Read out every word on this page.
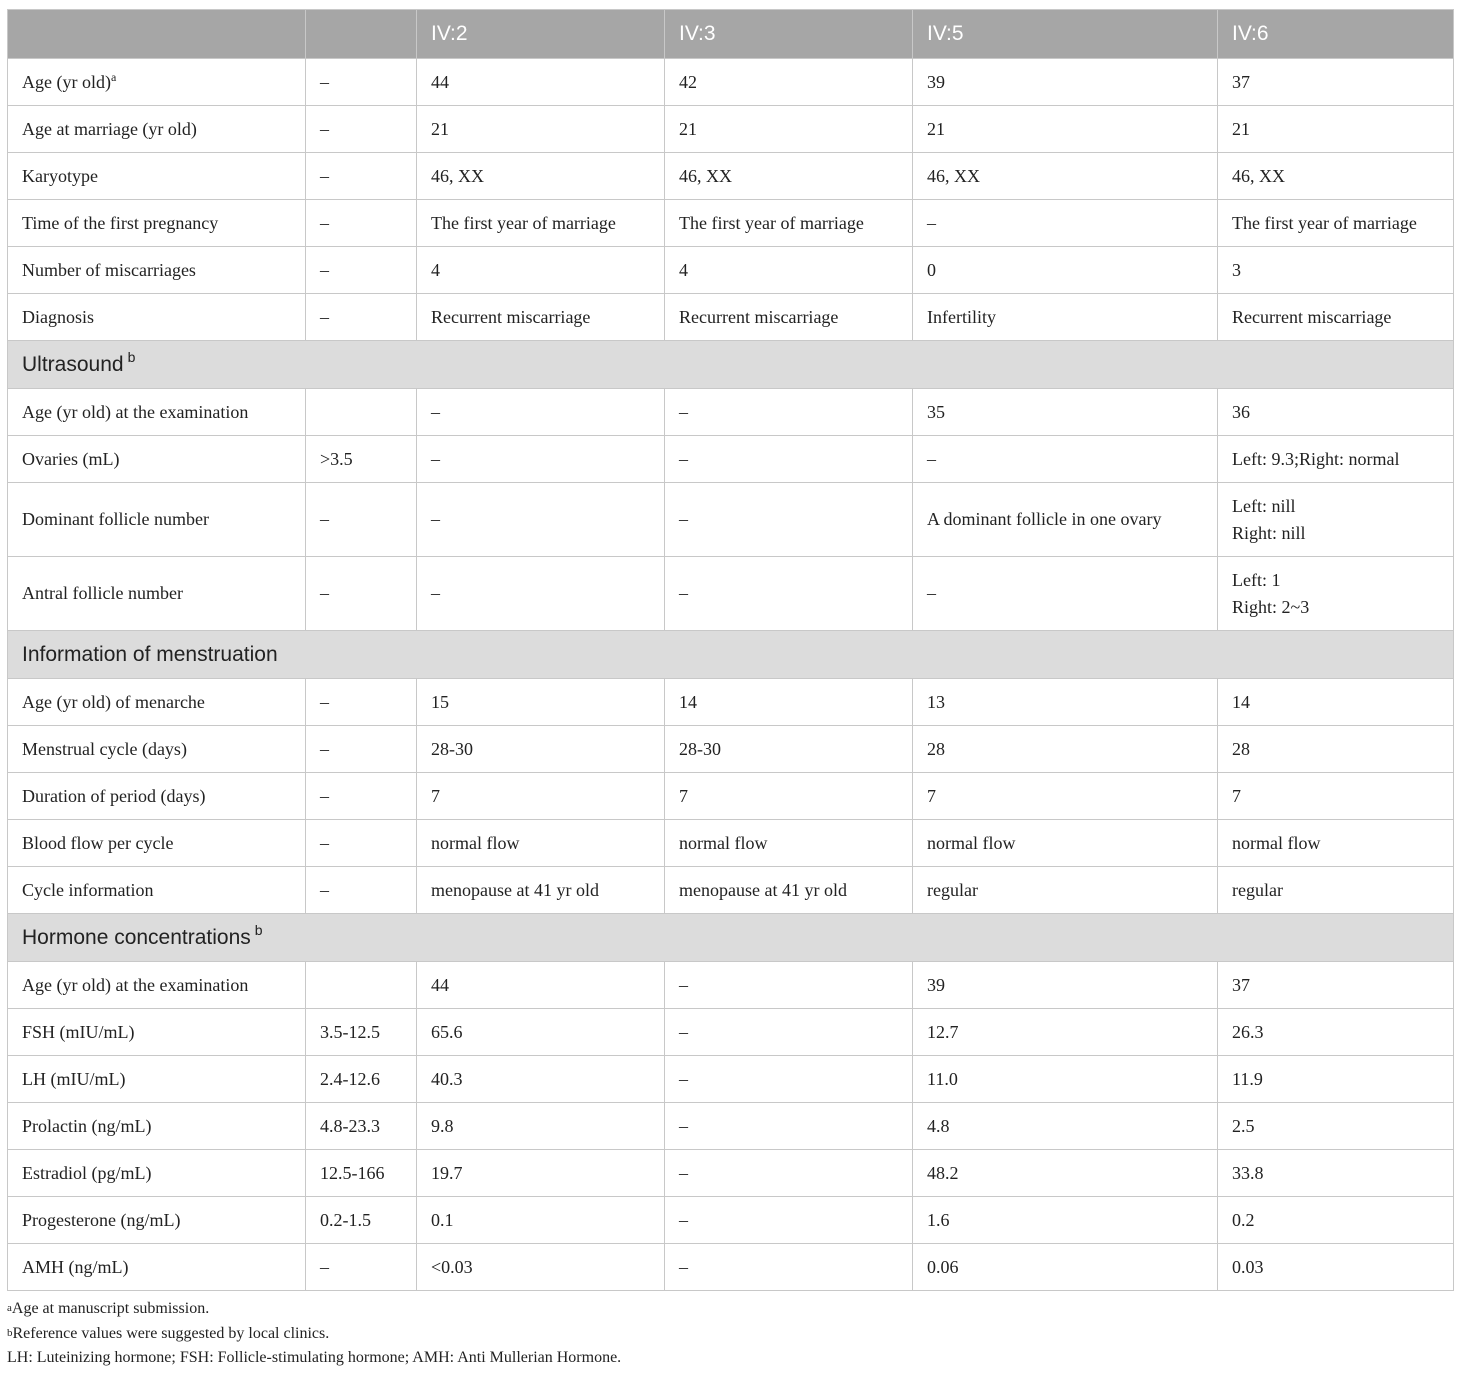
		IV:2	IV:3	IV:5	IV:6
Age (yr old)$^a$	–	44	42	39	37
Age at marriage (yr old)	–	21	21	21	21
Karyotype	–	46, XX	46, XX	46, XX	46, XX
Time of the first pregnancy	–	The first year of marriage	The first year of marriage	–	The first year of marriage
Number of miscarriages	–	4	4	0	3
Diagnosis	–	Recurrent miscarriage	Recurrent miscarriage	Infertility	Recurrent miscarriage
Ultrasound $^b$
Age (yr old) at the examination		–	–	35	36
Ovaries (mL)	>3.5	–	–	–	Left: 9.3;Right: normal
Dominant follicle number	–	–	–	A dominant follicle in one ovary	Left: nill
Right: nill

Antral follicle number	–	–	–	–	Left: 1
Right: 2~3

Information of menstruation					
Age (yr old) of menarche	–	15	14	13	14
Menstrual cycle (days)	–	28-30	28-30	28	28
Duration of period (days)	–	7	7	7	7
Blood flow per cycle	–	normal flow	normal flow	normal flow	normal flow
Cycle information	–	menopause at 41 yr old	menopause at 41 yr old	regular	regular
Hormone concentrations $^b$
Age (yr old) at the examination		44	–	39	37
FSH (mIU/mL)	3.5-12.5	65.6	–	12.7	26.3
LH (mIU/mL)	2.4-12.6	40.3	–	11.0	11.9
Prolactin (ng/mL)	4.8-23.3	9.8	–	4.8	2.5
Estradiol (pg/mL)	12.5-166	19.7	–	48.2	33.8
Progesterone (ng/mL)	0.2-1.5	0.1	–	1.6	0.2
AMH (ng/mL)	–	<0.03	–	0.06	0.03
$^a$Age at manuscript submission.
$^b$Reference values were suggested by local clinics.
LH: Luteinizing hormone; FSH: Follicle-stimulating hormone; AMH: Anti Mullerian Hormone.
